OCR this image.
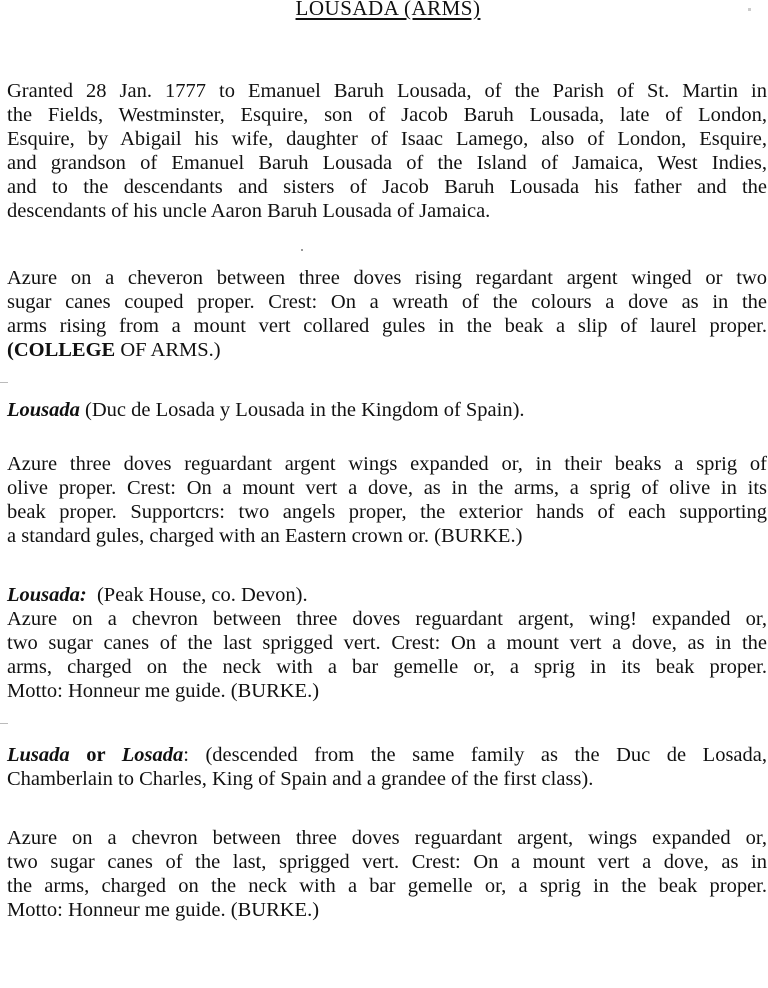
LOUSADA (ARMS)
Granted 28 Jan. 1777 to Emanuel Baruh Lousada, of the Parish of St. Martin in
the Fields, Westminster, Esquire, son of Jacob Baruh Lousada, late of London,
Esquire, by Abigail his wife, daughter of Isaac Lamego, also of London, Esquire,
and grandson of Emanuel Baruh Lousada of the Island of Jamaica, West Indies,
and to the descendants and sisters of Jacob Baruh Lousada his father and the
descendants of his uncle Aaron Baruh Lousada of Jamaica.
Azure on a cheveron between three doves rising regardant argent winged or two
sugar canes couped proper. Crest: On a wreath of the colours a dove as in the
arms rising from a mount vert collared gules in the beak a slip of laurel proper.
(COLLEGE OF ARMS.)
Lousada (Duc de Losada y Lousada in the Kingdom of Spain).
Azure three doves reguardant argent wings expanded or, in their beaks a sprig of
olive proper. Crest: On a mount vert a dove, as in the arms, a sprig of olive in its
beak proper. Supportcrs: two angels proper, the exterior hands of each supporting
a standard gules, charged with an Eastern crown or. (BURKE.)
Lousada:  (Peak House, co. Devon).
Azure on a chevron between three doves reguardant argent, wing! expanded or,
two sugar canes of the last sprigged vert. Crest: On a mount vert a dove, as in the
arms, charged on the neck with a bar gemelle or, a sprig in its beak proper.
Motto: Honneur me guide. (BURKE.)
Lusada or Losada: (descended from the same family as the Duc de Losada,
Chamberlain to Charles, King of Spain and a grandee of the first class).
Azure on a chevron between three doves reguardant argent, wings expanded or,
two sugar canes of the last, sprigged vert. Crest: On a mount vert a dove, as in
the arms, charged on the neck with a bar gemelle or, a sprig in the beak proper.
Motto: Honneur me guide. (BURKE.)
